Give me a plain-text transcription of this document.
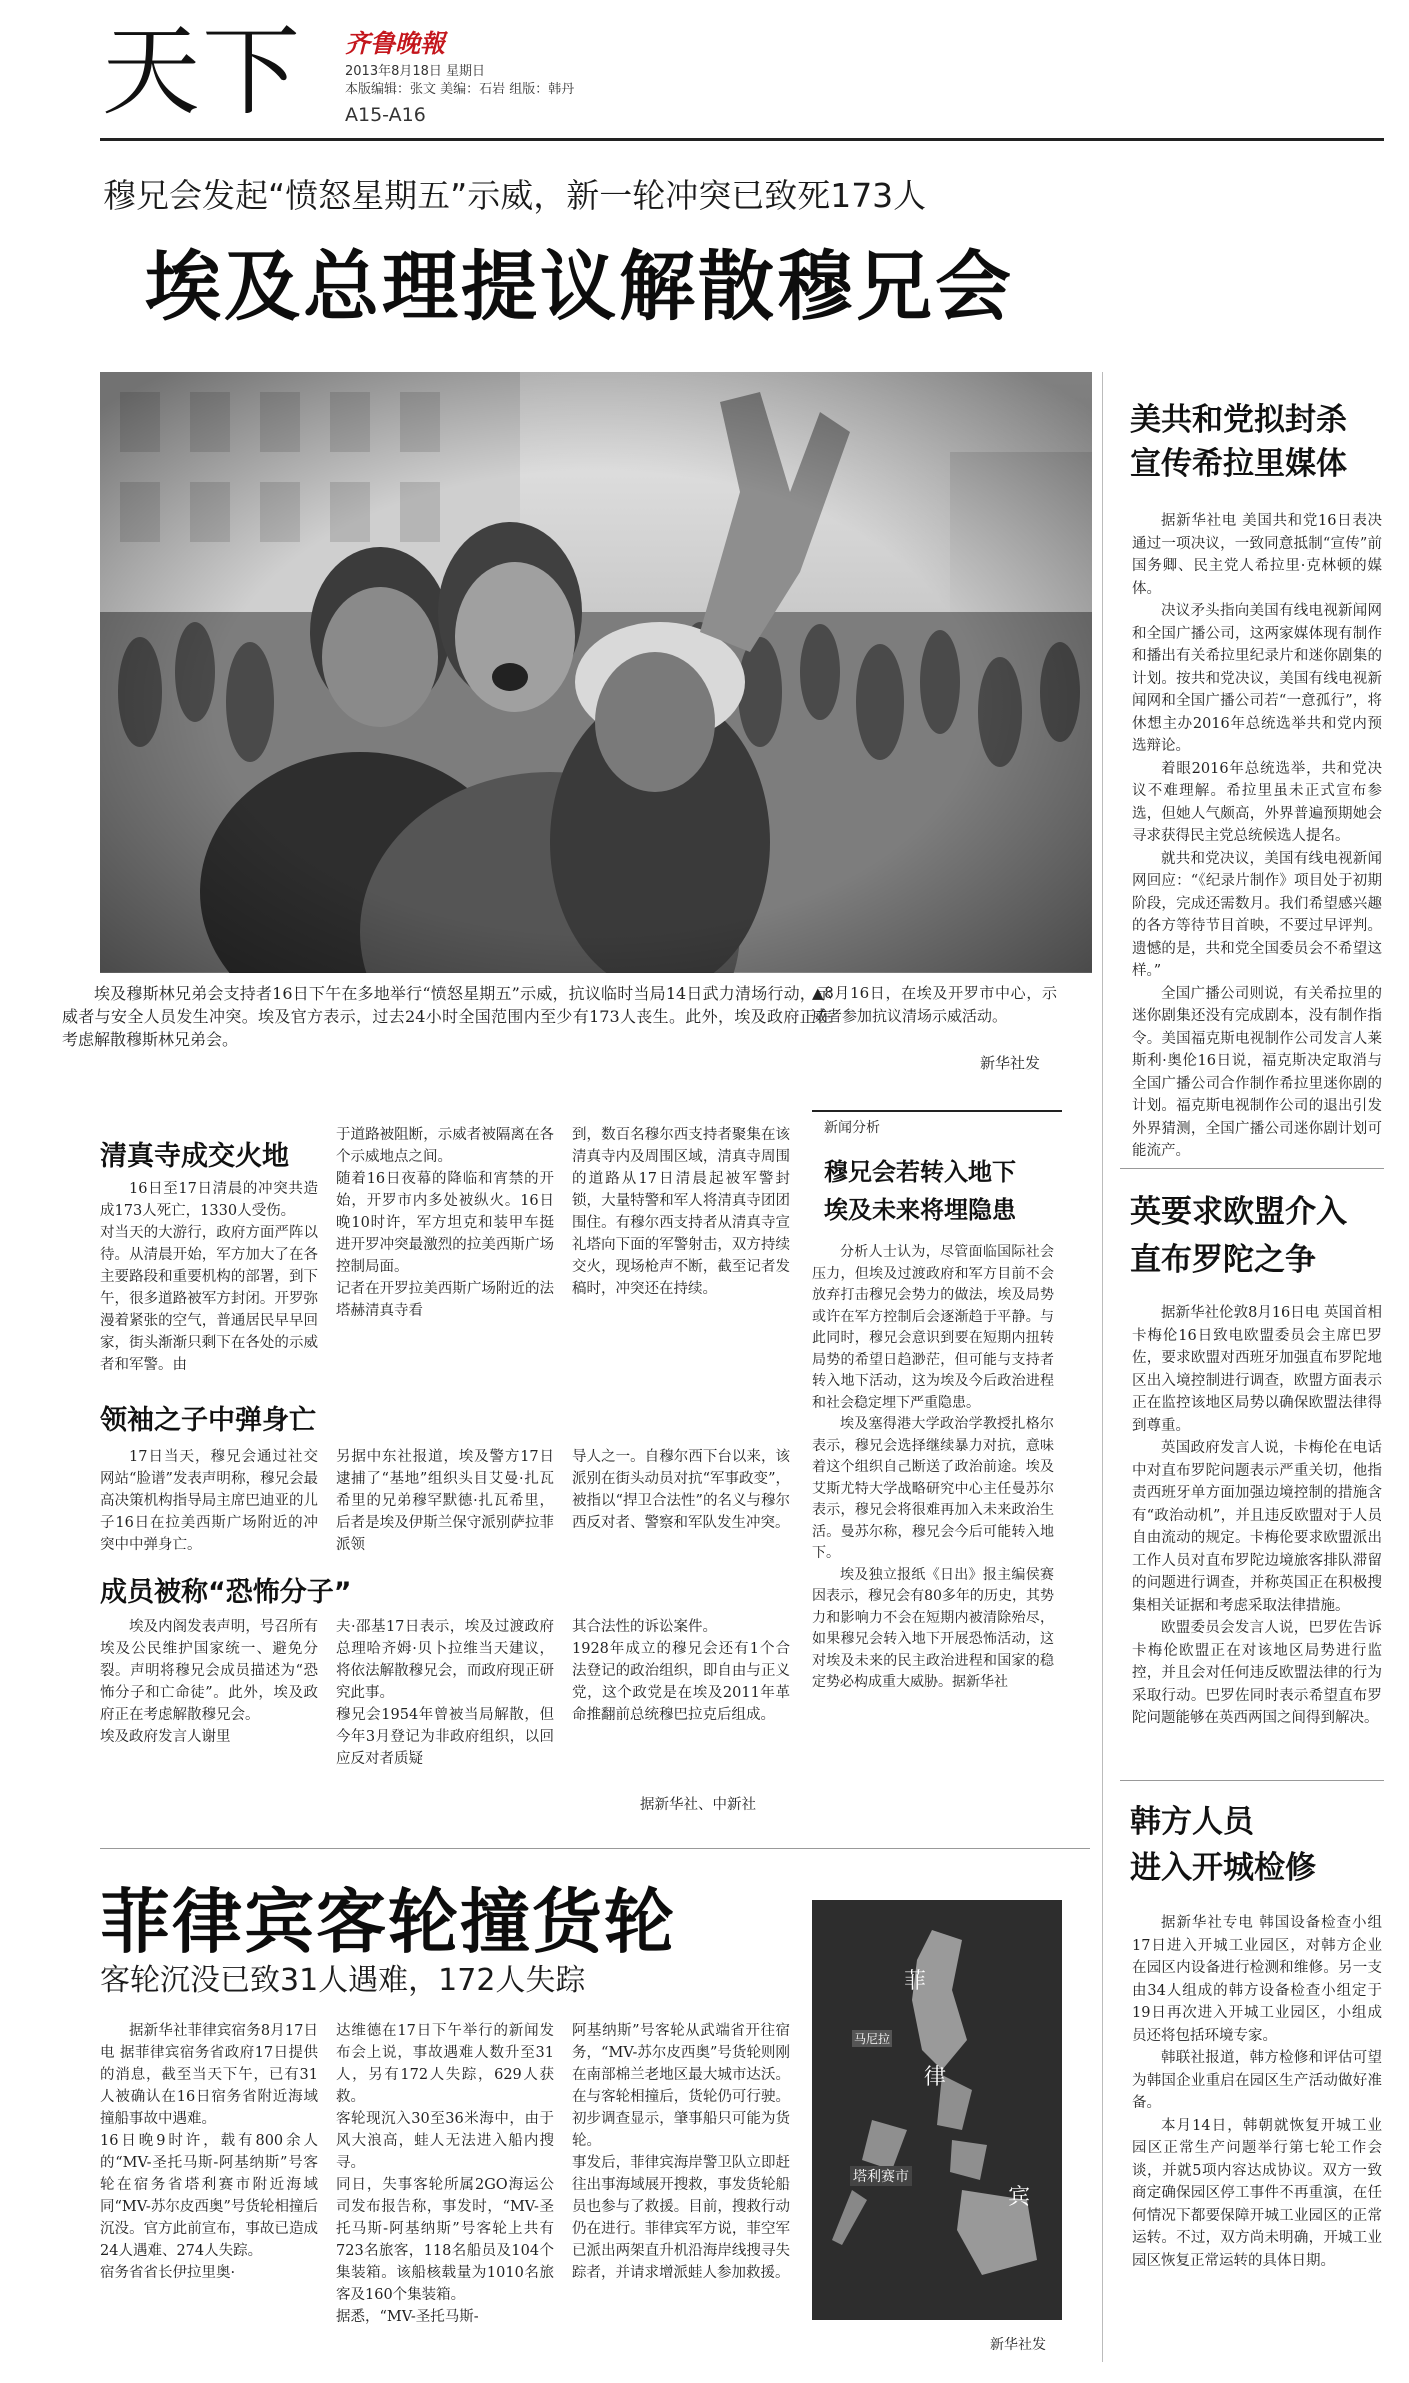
天下 齐鲁晚報
2013年8月18日 星期日
本版编辑：张文 美编：石岩 组版：韩丹
A15-A16
穆兄会发起“愤怒星期五”示威，新一轮冲突已致死173人
埃及总理提议解散穆兄会
埃及穆斯林兄弟会支持者16日下午在多地举行“愤怒星期五”示威，抗议临时当局14日武力清场行动，示威者与安全人员发生冲突。埃及官方表示，过去24小时全国范围内至少有173人丧生。此外，埃及政府正在考虑解散穆斯林兄弟会。
▲8月16日，在埃及开罗市中心，示威者参加抗议清场示威活动。
新华社发
清真寺成交火地
16日至17日清晨的冲突共造成173人死亡，1330人受伤。
对当天的大游行，政府方面严阵以待。从清晨开始，军方加大了在各主要路段和重要机构的部署，到下午，很多道路被军方封闭。开罗弥漫着紧张的空气，普通居民早早回家，街头渐渐只剩下在各处的示威者和军警。由
于道路被阻断，示威者被隔离在各个示威地点之间。
随着16日夜幕的降临和宵禁的开始，开罗市内多处被纵火。16日晚10时许，军方坦克和装甲车挺进开罗冲突最激烈的拉美西斯广场控制局面。
记者在开罗拉美西斯广场附近的法塔赫清真寺看
到，数百名穆尔西支持者聚集在该清真寺内及周围区域，清真寺周围的道路从17日清晨起被军警封锁，大量特警和军人将清真寺团团围住。有穆尔西支持者从清真寺宣礼塔向下面的军警射击，双方持续交火，现场枪声不断，截至记者发稿时，冲突还在持续。
领袖之子中弹身亡
17日当天，穆兄会通过社交网站“脸谱”发表声明称，穆兄会最高决策机构指导局主席巴迪亚的儿子16日在拉美西斯广场附近的冲突中中弹身亡。
另据中东社报道，埃及警方17日逮捕了“基地”组织头目艾曼·扎瓦希里的兄弟穆罕默德·扎瓦希里，后者是埃及伊斯兰保守派别萨拉菲派领
导人之一。自穆尔西下台以来，该派别在街头动员对抗“军事政变”，被指以“捍卫合法性”的名义与穆尔西反对者、警察和军队发生冲突。
成员被称“恐怖分子”
埃及内阁发表声明，号召所有埃及公民维护国家统一、避免分裂。声明将穆兄会成员描述为“恐怖分子和亡命徒”。此外，埃及政府正在考虑解散穆兄会。
埃及政府发言人谢里
夫·邵基17日表示，埃及过渡政府总理哈齐姆·贝卜拉维当天建议，将依法解散穆兄会，而政府现正研究此事。
穆兄会1954年曾被当局解散，但今年3月登记为非政府组织，以回应反对者质疑
其合法性的诉讼案件。
1928年成立的穆兄会还有1个合法登记的政治组织，即自由与正义党，这个政党是在埃及2011年革命推翻前总统穆巴拉克后组成。
据新华社、中新社
新闻分析
穆兄会若转入地下
埃及未来将埋隐患

分析人士认为，尽管面临国际社会压力，但埃及过渡政府和军方目前不会放弃打击穆兄会势力的做法，埃及局势或许在军方控制后会逐渐趋于平静。与此同时，穆兄会意识到要在短期内扭转局势的希望日趋渺茫，但可能与支持者转入地下活动，这为埃及今后政治进程和社会稳定埋下严重隐患。

埃及塞得港大学政治学教授扎格尔表示，穆兄会选择继续暴力对抗，意味着这个组织自己断送了政治前途。埃及艾斯尤特大学战略研究中心主任曼苏尔表示，穆兄会将很难再加入未来政治生活。曼苏尔称，穆兄会今后可能转入地下。

埃及独立报纸《日出》报主编侯赛因表示，穆兄会有80多年的历史，其势力和影响力不会在短期内被清除殆尽，如果穆兄会转入地下开展恐怖活动，这对埃及未来的民主政治进程和国家的稳定势必构成重大威胁。据新华社

菲律宾客轮撞货轮
客轮沉没已致31人遇难，172人失踪
据新华社菲律宾宿务8月17日电 据菲律宾宿务省政府17日提供的消息，截至当天下午，已有31人被确认在16日宿务省附近海域撞船事故中遇难。
16日晚9时许，载有800余人的“MV-圣托马斯-阿基纳斯”号客轮在宿务省塔利赛市附近海域同“MV-苏尔皮西奥”号货轮相撞后沉没。官方此前宣布，事故已造成24人遇难、274人失踪。
宿务省省长伊拉里奥·
达维德在17日下午举行的新闻发布会上说，事故遇难人数升至31人，另有172人失踪，629人获救。
客轮现沉入30至36米海中，由于风大浪高，蛙人无法进入船内搜寻。
同日，失事客轮所属2GO海运公司发布报告称，事发时，“MV-圣托马斯-阿基纳斯”号客轮上共有723名旅客，118名船员及104个集装箱。该船核载量为1010名旅客及160个集装箱。
据悉，“MV-圣托马斯-
阿基纳斯”号客轮从武端省开往宿务，“MV-苏尔皮西奥”号货轮则刚在南部棉兰老地区最大城市达沃。在与客轮相撞后，货轮仍可行驶。初步调查显示，肇事船只可能为货轮。
事发后，菲律宾海岸警卫队立即赶往出事海域展开搜救，事发货轮船员也参与了救援。目前，搜救行动仍在进行。菲律宾军方说，菲空军已派出两架直升机沿海岸线搜寻失踪者，并请求增派蛙人参加救援。
菲
律
宾
马尼拉
塔利赛市
新华社发
美共和党拟封杀
宣传希拉里媒体

据新华社电 美国共和党16日表决通过一项决议，一致同意抵制“宣传”前国务卿、民主党人希拉里·克林顿的媒体。

决议矛头指向美国有线电视新闻网和全国广播公司，这两家媒体现有制作和播出有关希拉里纪录片和迷你剧集的计划。按共和党决议，美国有线电视新闻网和全国广播公司若“一意孤行”，将休想主办2016年总统选举共和党内预选辩论。

着眼2016年总统选举，共和党决议不难理解。希拉里虽未正式宣布参选，但她人气颇高，外界普遍预期她会寻求获得民主党总统候选人提名。

就共和党决议，美国有线电视新闻网回应：“《纪录片制作》项目处于初期阶段，完成还需数月。我们希望感兴趣的各方等待节目首映，不要过早评判。遗憾的是，共和党全国委员会不希望这样。”

全国广播公司则说，有关希拉里的迷你剧集还没有完成剧本，没有制作指令。美国福克斯电视制作公司发言人莱斯利·奥伦16日说，福克斯决定取消与全国广播公司合作制作希拉里迷你剧的计划。福克斯电视制作公司的退出引发外界猜测，全国广播公司迷你剧计划可能流产。

英要求欧盟介入
直布罗陀之争

据新华社伦敦8月16日电 英国首相卡梅伦16日致电欧盟委员会主席巴罗佐，要求欧盟对西班牙加强直布罗陀地区出入境控制进行调查，欧盟方面表示正在监控该地区局势以确保欧盟法律得到尊重。

英国政府发言人说，卡梅伦在电话中对直布罗陀问题表示严重关切，他指责西班牙单方面加强边境控制的措施含有“政治动机”，并且违反欧盟对于人员自由流动的规定。卡梅伦要求欧盟派出工作人员对直布罗陀边境旅客排队滞留的问题进行调查，并称英国正在积极搜集相关证据和考虑采取法律措施。

欧盟委员会发言人说，巴罗佐告诉卡梅伦欧盟正在对该地区局势进行监控，并且会对任何违反欧盟法律的行为采取行动。巴罗佐同时表示希望直布罗陀问题能够在英西两国之间得到解决。

韩方人员
进入开城检修

据新华社专电 韩国设备检查小组17日进入开城工业园区，对韩方企业在园区内设备进行检测和维修。另一支由34人组成的韩方设备检查小组定于19日再次进入开城工业园区，小组成员还将包括环境专家。

韩联社报道，韩方检修和评估可望为韩国企业重启在园区生产活动做好准备。

本月14日，韩朝就恢复开城工业园区正常生产问题举行第七轮工作会谈，并就5项内容达成协议。双方一致商定确保园区停工事件不再重演，在任何情况下都要保障开城工业园区的正常运转。不过，双方尚未明确，开城工业园区恢复正常运转的具体日期。
